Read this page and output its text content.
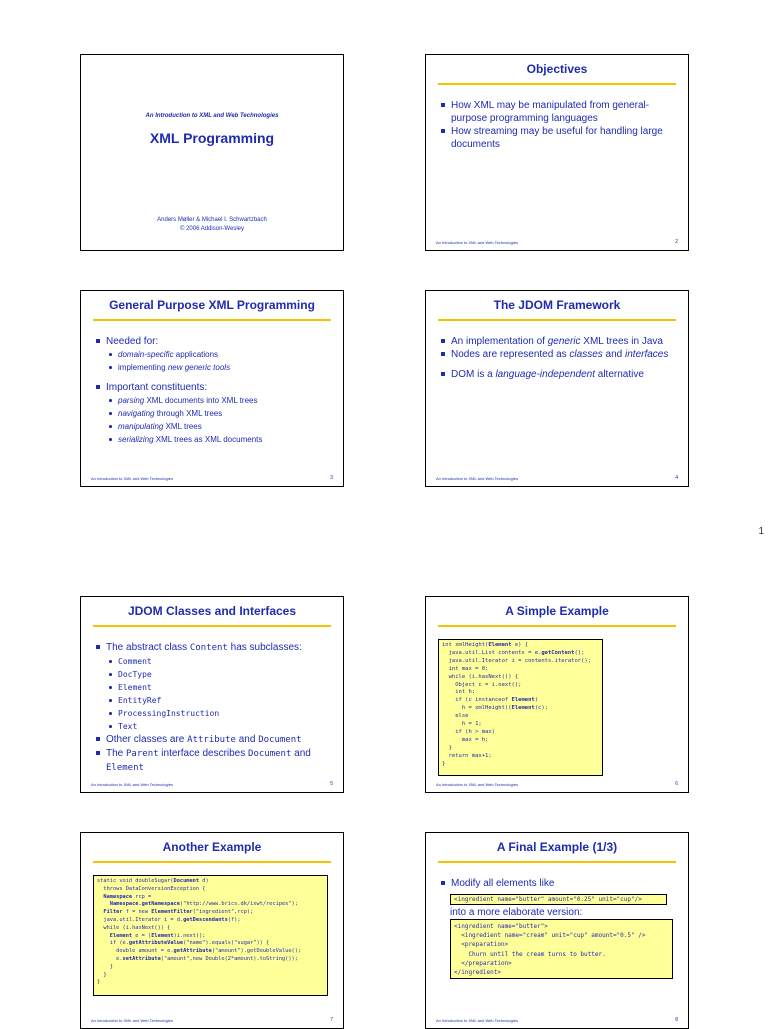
An Introduction to XML and Web Technologies
XML Programming
Anders Møller & Michael I. Schwartzbach
© 2006 Addison-Wesley
Objectives
How XML may be manipulated from general-purpose programming languages
How streaming may be useful for handling large documents
An Introduction to XML and Web Technologies	2
General Purpose XML Programming
Needed for:
domain-specific applications
implementing new generic tools
Important constituents:
parsing XML documents into XML trees
navigating through XML trees
manipulating XML trees
serializing XML trees as XML documents
An Introduction to XML and Web Technologies	3
The JDOM Framework
An implementation of generic XML trees in Java
Nodes are represented as classes and interfaces
DOM is a language-independent alternative
An Introduction to XML and Web Technologies	4
1
JDOM Classes and Interfaces
The abstract class Content has subclasses:
Comment
DocType
Element
EntityRef
ProcessingInstruction
Text
Other classes are Attribute and Document
The Parent interface describes Document and
Element
An Introduction to XML and Web Technologies	5
A Simple Example
int xmlHeight(Element e) {
java.util.List contents = e.getContent();
java.util.Iterator i = contents.iterator();
int max = 0;
while (i.hasNext()) {
Object c = i.next();
int h;
if (c instanceof Element)
h = xmlHeight((Element)c);
else
h = 1;
if (h > max)
max = h;
}
return max+1;
}
An Introduction to XML and Web Technologies	6
Another Example
static void doubleSugar(Document d)
throws DataConversionException {
Namespace rcp =
Namespace.getNamespace("http://www.brics.dk/ixwt/recipes");
Filter f = new ElementFilter("ingredient",rcp);
java.util.Iterator i = d.getDescendants(f);
while (i.hasNext()) {
Element e = (Element)i.next();
if (e.getAttributeValue("name").equals("sugar")) {
double amount = e.getAttribute("amount").getDoubleValue();
e.setAttribute("amount",new Double(2*amount).toString());
}
}
}
An Introduction to XML and Web Technologies	7
A Final Example (1/3)
Modify all elements like
<ingredient name="butter" amount="0.25" unit="cup"/>
into a more elaborate version:
<ingredient name="butter">
<ingredient name="cream" unit="cup" amount="0.5" />
<preparation>
Churn until the cream turns to butter.
</preparation>
</ingredient>
An Introduction to XML and Web Technologies	8
